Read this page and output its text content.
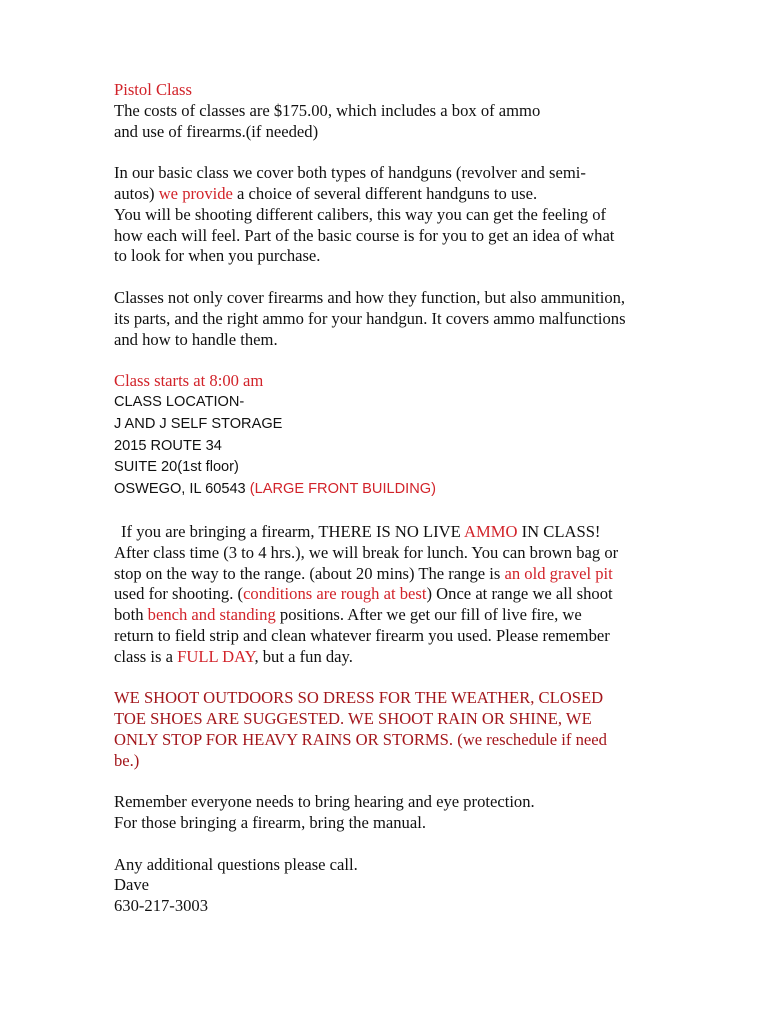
Pistol Class
The costs of classes are $175.00, which includes a box of ammo
and use of firearms.(if needed)
In our basic class we cover both types of handguns (revolver and semi-
autos) we provide a choice of several different handguns to use.
You will be shooting different calibers, this way you can get the feeling of
how each will feel. Part of the basic course is for you to get an idea of what
to look for when you purchase.
Classes not only cover firearms and how they function, but also ammunition,
its parts, and the right ammo for your handgun. It covers ammo malfunctions
and how to handle them.
Class starts at 8:00 am
CLASS LOCATION-
J AND J SELF STORAGE
2015 ROUTE 34
SUITE 20(1st floor)
OSWEGO, IL 60543 (LARGE FRONT BUILDING)
If you are bringing a firearm, THERE IS NO LIVE AMMO IN CLASS!
After class time (3 to 4 hrs.), we will break for lunch. You can brown bag or
stop on the way to the range. (about 20 mins) The range is an old gravel pit
used for shooting. (conditions are rough at best) Once at range we all shoot
both bench and standing positions. After we get our fill of live fire, we
return to field strip and clean whatever firearm you used. Please remember
class is a FULL DAY, but a fun day.
WE SHOOT OUTDOORS SO DRESS FOR THE WEATHER, CLOSED
TOE SHOES ARE SUGGESTED. WE SHOOT RAIN OR SHINE, WE
ONLY STOP FOR HEAVY RAINS OR STORMS. (we reschedule if need
be.)
Remember everyone needs to bring hearing and eye protection.
For those bringing a firearm, bring the manual.
Any additional questions please call.
Dave
630-217-3003
